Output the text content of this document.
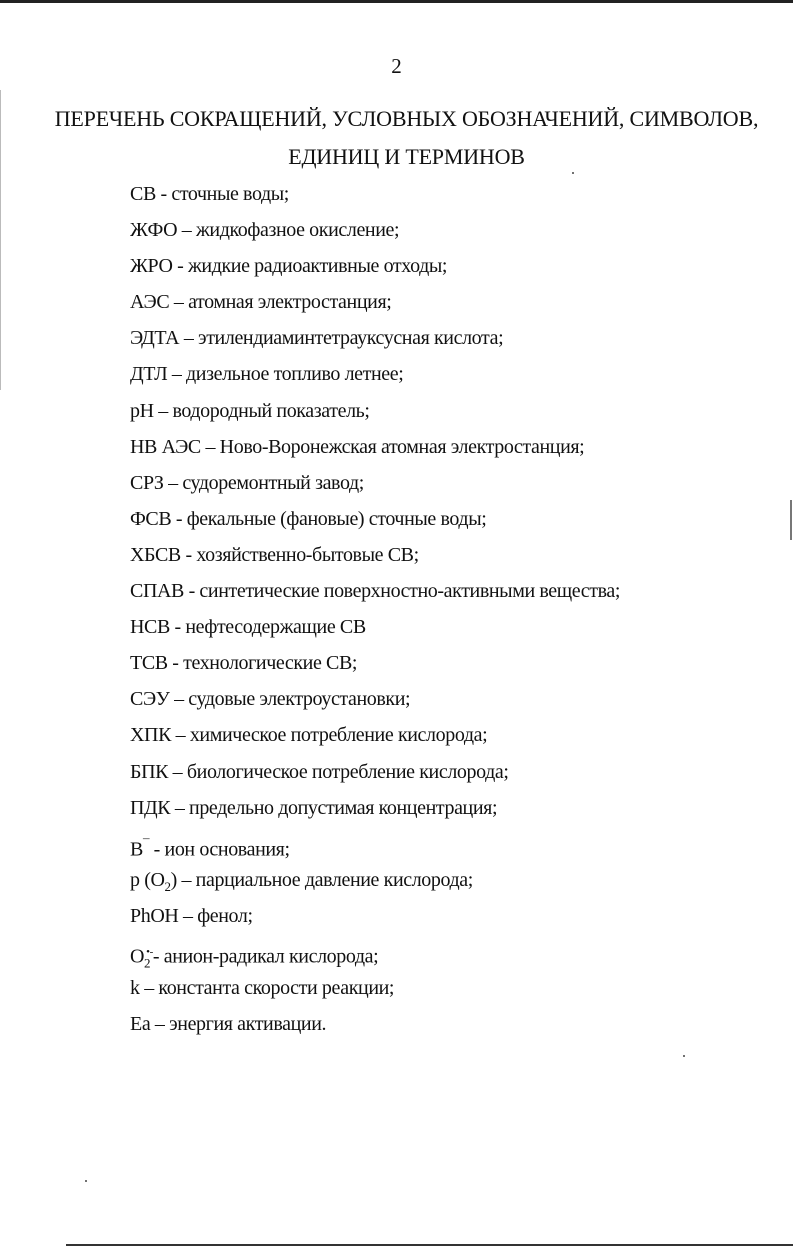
2
ПЕРЕЧЕНЬ СОКРАЩЕНИЙ, УСЛОВНЫХ ОБОЗНАЧЕНИЙ, СИМВОЛОВ,
ЕДИНИЦ И ТЕРМИНОВ
СВ - сточные воды;
ЖФО – жидкофазное окисление;
ЖРО - жидкие радиоактивные отходы;
АЭС – атомная электростанция;
ЭДТА – этилендиаминтетрауксусная кислота;
ДТЛ – дизельное топливо летнее;
pH – водородный показатель;
НВ АЭС – Ново-Воронежская атомная электростанция;
СРЗ – судоремонтный завод;
ФСВ - фекальные (фановые) сточные воды;
ХБСВ - хозяйственно-бытовые СВ;
СПАВ - синтетические поверхностно-активными вещества;
НСВ - нефтесодержащие СВ
ТСВ - технологические СВ;
СЭУ – судовые электроустановки;
ХПК – химическое потребление кислорода;
БПК – биологическое потребление кислорода;
ПДК – предельно допустимая концентрация;
B¯ - ион основания;
p $(O_2)$ – парциальное давление кислорода;
PhOH – фенол;
$O_2^{•-}-$ анион-радикал кислорода;
k – константа скорости реакции;
Ea – энергия активации.
